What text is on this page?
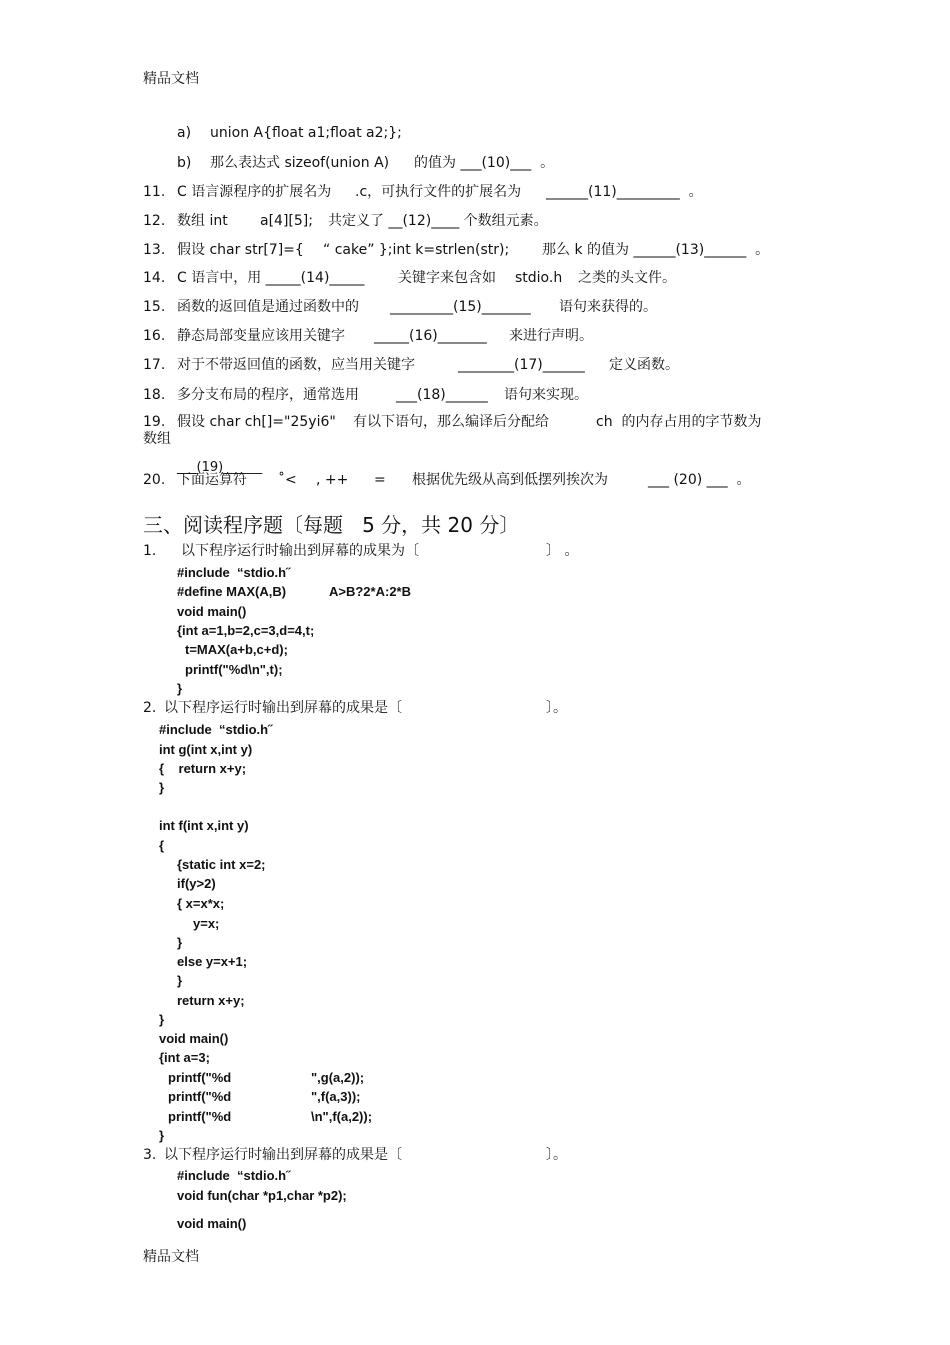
精品文档
a) union A{float a1;float a2;};
b) 那么表达式 sizeof(union A) 的值为 ___(10)___  。
11. C 语言源程序的扩展名为 .c，可执行文件的扩展名为 ______(11)_________  。
12. 数组 int a[4][5]; 共定义了 __(12)____ 个数组元素。
13. 假设 char str[7]={ “ cake” };int k=strlen(str); 那么 k 的值为 ______(13)______  。
14. C 语言中，用 _____(14)_____ 关键字来包含如 stdio.h 之类的头文件。
15. 函数的返回值是通过函数中的 _________(15)_______ 语句来获得的。
16. 静态局部变量应该用关键字 _____(16)_______ 来进行声明。
17. 对于不带返回值的函数，应当用关键字	________(17)______ 定义函数。
18. 多分支布局的程序，通常选用	___(18)______ 语句来实现。
19. 假设 char ch[]="25yi6" 有以下语句，那么编译后分配给	ch  的内存占用的字节数为
数组
___(19)______
20. 下面运算符 ˚< , ++ = 根据优先级从高到低摆列挨次为	___ (20) ___  。
三、阅读程序题〔每题   5 分，共 20 分〕
1. 以下程序运行时输出到屏幕的成果为〔	〕 。
#include  “stdio.h˝
#define MAX(A,B)	A>B?2*A:2*B
void main()
{int a=1,b=2,c=3,d=4,t;
t=MAX(a+b,c+d);
printf("%d\n",t);
}
2. 以下程序运行时输出到屏幕的成果是〔	〕。
#include  “stdio.h˝
int g(int x,int y)
{    return x+y;
}
int f(int x,int y)
{
{static int x=2;
if(y>2)
{ x=x*x;
y=x;
}
else y=x+1;
}
return x+y;
}
void main()
{int a=3;
printf("%d	",g(a,2));
printf("%d	",f(a,3));
printf("%d	\n",f(a,2));
}
3. 以下程序运行时输出到屏幕的成果是〔	〕。
#include  “stdio.h˝
void fun(char *p1,char *p2);
void main()
精品文档
